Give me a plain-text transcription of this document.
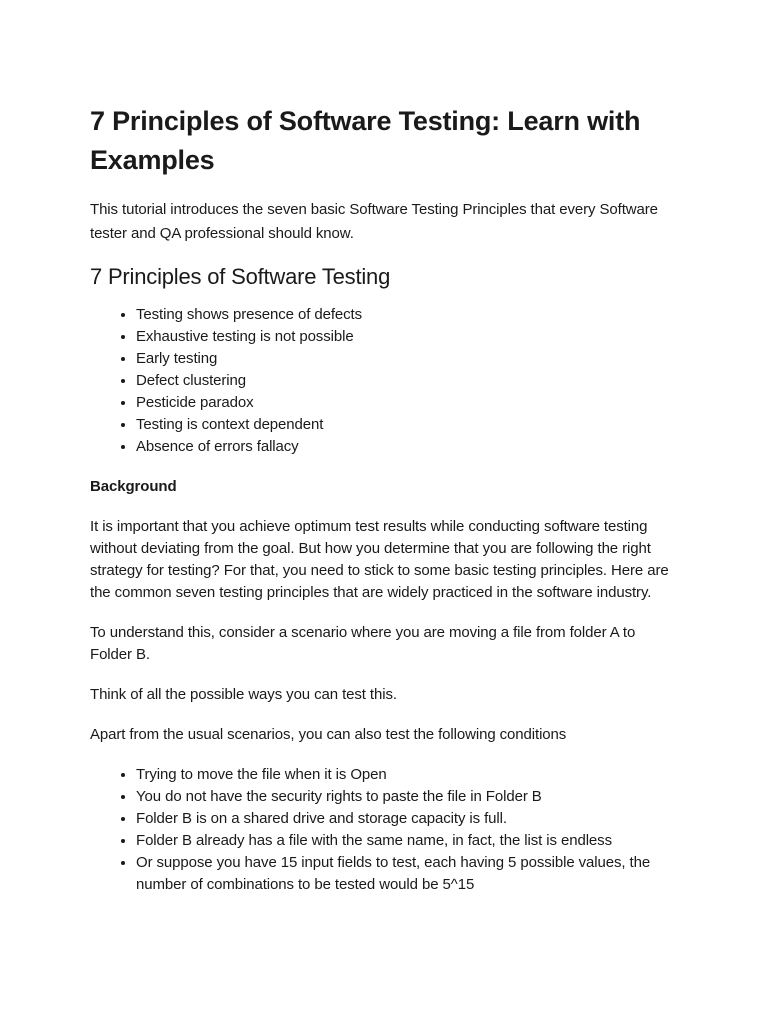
7 Principles of Software Testing: Learn with Examples

This tutorial introduces the seven basic Software Testing Principles that every Software tester and QA professional should know.

7 Principles of Software Testing
• Testing shows presence of defects
• Exhaustive testing is not possible
• Early testing
• Defect clustering
• Pesticide paradox
• Testing is context dependent
• Absence of errors fallacy

Background

It is important that you achieve optimum test results while conducting software testing without deviating from the goal. But how you determine that you are following the right strategy for testing? For that, you need to stick to some basic testing principles. Here are the common seven testing principles that are widely practiced in the software industry.

To understand this, consider a scenario where you are moving a file from folder A to Folder B.

Think of all the possible ways you can test this.

Apart from the usual scenarios, you can also test the following conditions

• Trying to move the file when it is Open
• You do not have the security rights to paste the file in Folder B
• Folder B is on a shared drive and storage capacity is full.
• Folder B already has a file with the same name, in fact, the list is endless
• Or suppose you have 15 input fields to test, each having 5 possible values, the number of combinations to be tested would be 5^15
